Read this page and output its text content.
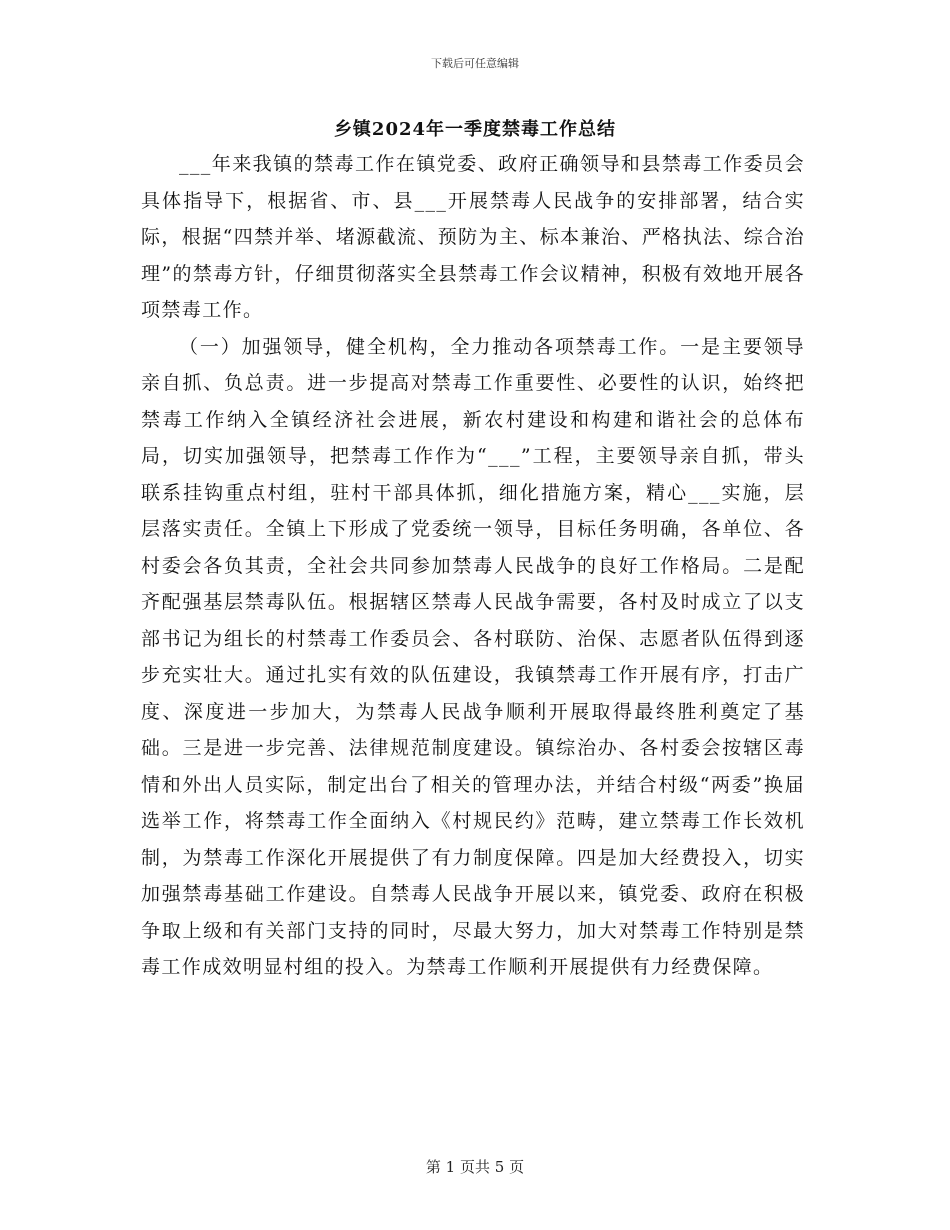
下载后可任意编辑
乡镇2024年一季度禁毒工作总结

___年来我镇的禁毒工作在镇党委、政府正确领导和县禁毒工作委员会具体指导下，根据省、市、县___开展禁毒人民战争的安排部署，结合实际，根据“四禁并举、堵源截流、预防为主、标本兼治、严格执法、综合治理”的禁毒方针，仔细贯彻落实全县禁毒工作会议精神，积极有效地开展各项禁毒工作。

（一）加强领导，健全机构，全力推动各项禁毒工作。一是主要领导亲自抓、负总责。进一步提高对禁毒工作重要性、必要性的认识，始终把禁毒工作纳入全镇经济社会进展，新农村建设和构建和谐社会的总体布局，切实加强领导，把禁毒工作作为“___”工程，主要领导亲自抓，带头联系挂钩重点村组，驻村干部具体抓，细化措施方案，精心___实施，层层落实责任。全镇上下形成了党委统一领导，目标任务明确，各单位、各村委会各负其责，全社会共同参加禁毒人民战争的良好工作格局。二是配齐配强基层禁毒队伍。根据辖区禁毒人民战争需要，各村及时成立了以支部书记为组长的村禁毒工作委员会、各村联防、治保、志愿者队伍得到逐步充实壮大。通过扎实有效的队伍建设，我镇禁毒工作开展有序，打击广度、深度进一步加大，为禁毒人民战争顺利开展取得最终胜利奠定了基础。三是进一步完善、法律规范制度建设。镇综治办、各村委会按辖区毒情和外出人员实际，制定出台了相关的管理办法，并结合村级“两委”换届选举工作，将禁毒工作全面纳入《村规民约》范畴，建立禁毒工作长效机制，为禁毒工作深化开展提供了有力制度保障。四是加大经费投入，切实加强禁毒基础工作建设。自禁毒人民战争开展以来，镇党委、政府在积极争取上级和有关部门支持的同时，尽最大努力，加大对禁毒工作特别是禁毒工作成效明显村组的投入。为禁毒工作顺利开展提供有力经费保障。

第 1 页共 5 页
